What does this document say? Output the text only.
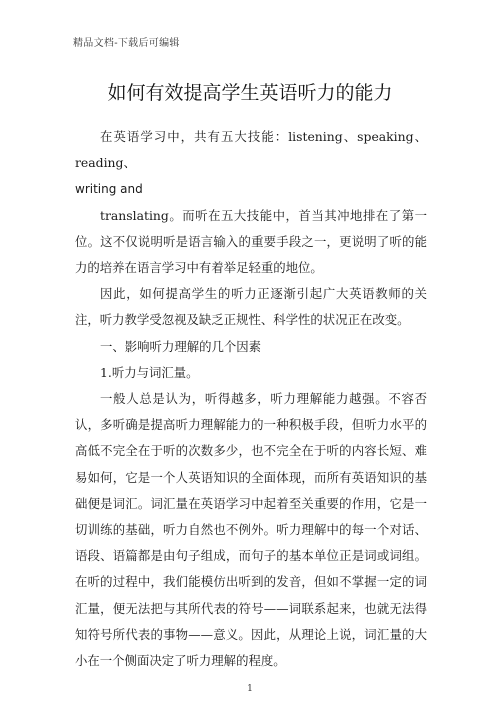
精品文档-下载后可编辑
如何有效提高学生英语听力的能力

在英语学习中，共有五大技能：listening、speaking、reading、

writing and

translating。而听在五大技能中，首当其冲地排在了第一位。这不仅说明听是语言输入的重要手段之一，更说明了听的能力的培养在语言学习中有着举足轻重的地位。

因此，如何提高学生的听力正逐渐引起广大英语教师的关注，听力教学受忽视及缺乏正规性、科学性的状况正在改变。

一、影响听力理解的几个因素

1.听力与词汇量。

一般人总是认为，听得越多，听力理解能力越强。不容否认，多听确是提高听力理解能力的一种积极手段，但听力水平的高低不完全在于听的次数多少，也不完全在于听的内容长短、难易如何，它是一个人英语知识的全面体现，而所有英语知识的基础便是词汇。词汇量在英语学习中起着至关重要的作用，它是一切训练的基础，听力自然也不例外。听力理解中的每一个对话、语段、语篇都是由句子组成，而句子的基本单位正是词或词组。在听的过程中，我们能模仿出听到的发音，但如不掌握一定的词汇量，便无法把与其所代表的符号——词联系起来，也就无法得知符号所代表的事物——意义。因此，从理论上说，词汇量的大小在一个侧面决定了听力理解的程度。

1
